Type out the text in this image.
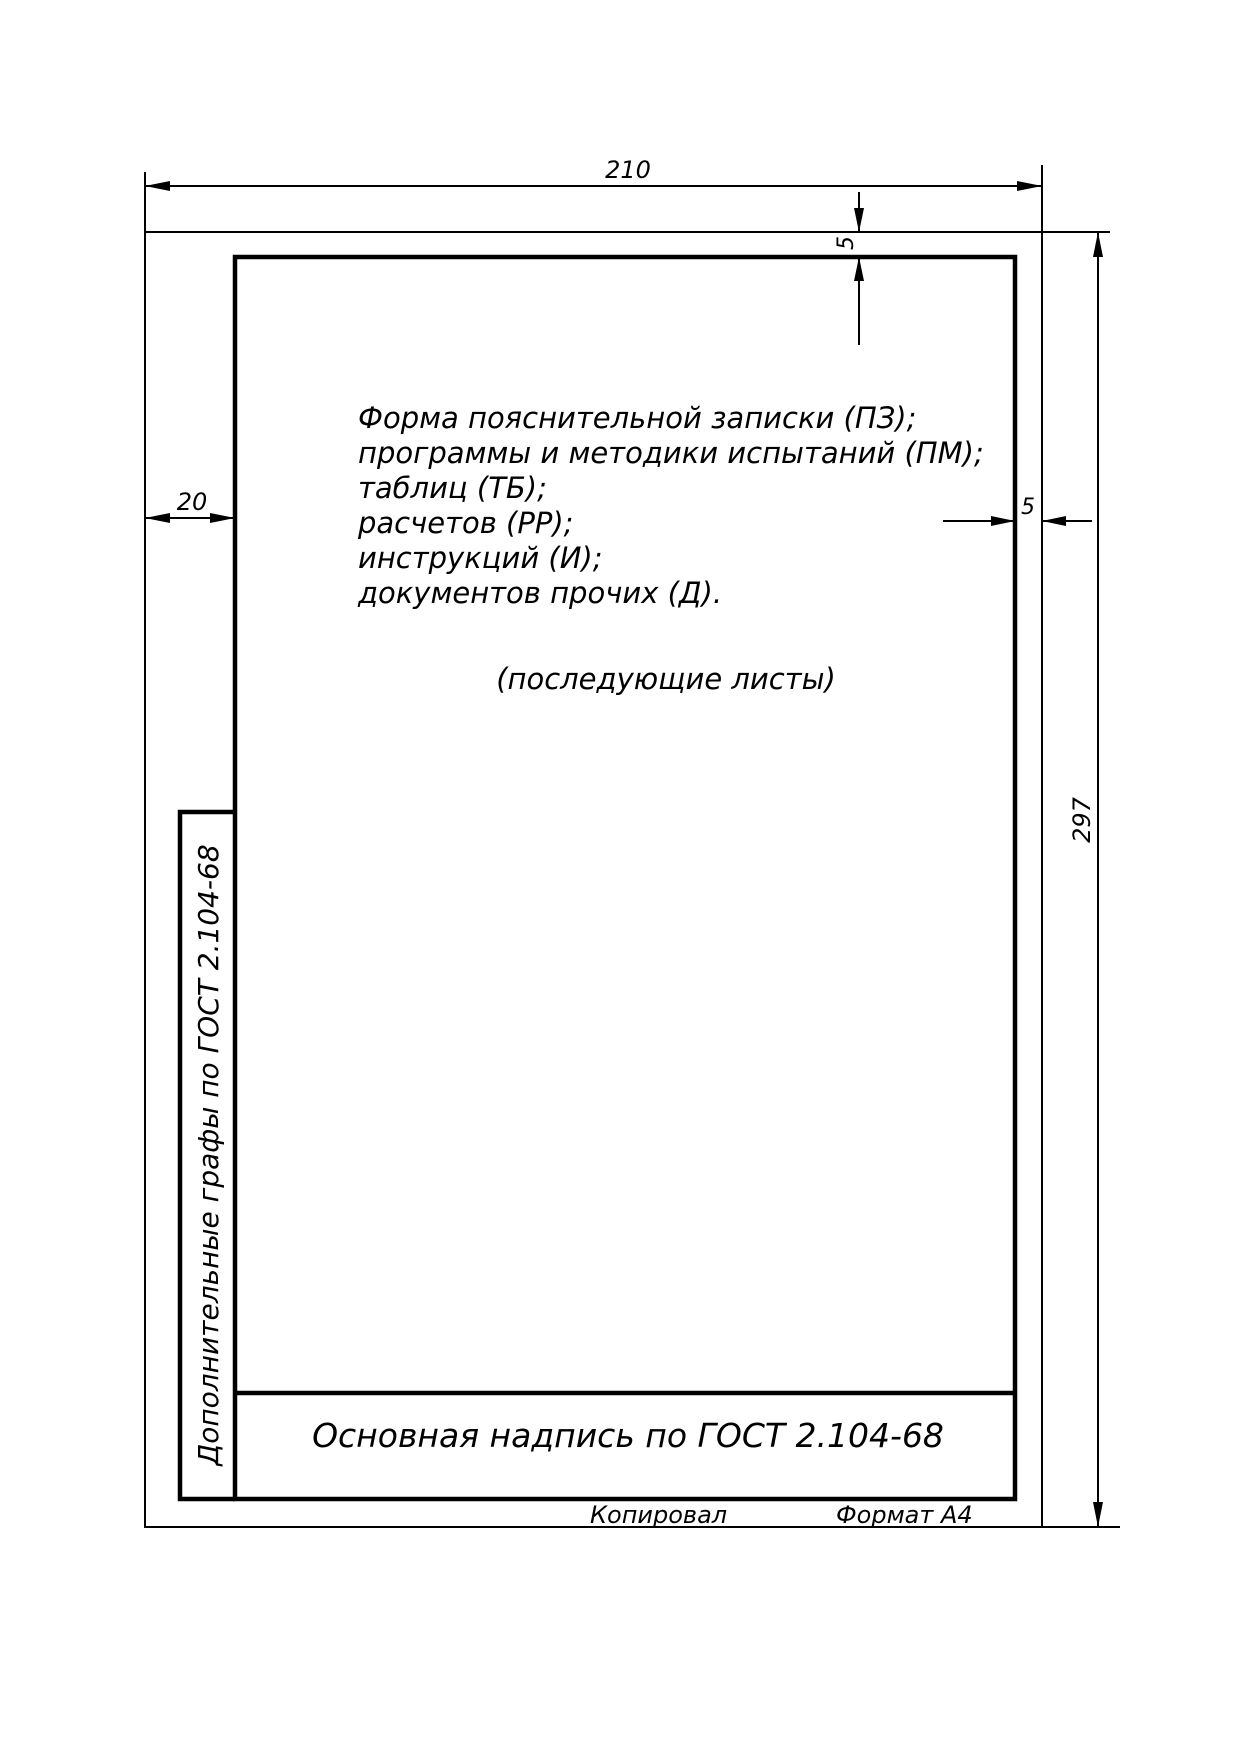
210
297
5
20	5
Форма пояснительной записки (ПЗ);
программы и методики испытаний (ПМ);
таблиц (ТБ);
расчетов (РР);
инструкций (И);
документов прочих (Д).
(последующие листы)
Дополнительные графы по ГОСТ 2.104-68	Основная надпись по ГОСТ 2.104-68
Копировал	Формат А4
